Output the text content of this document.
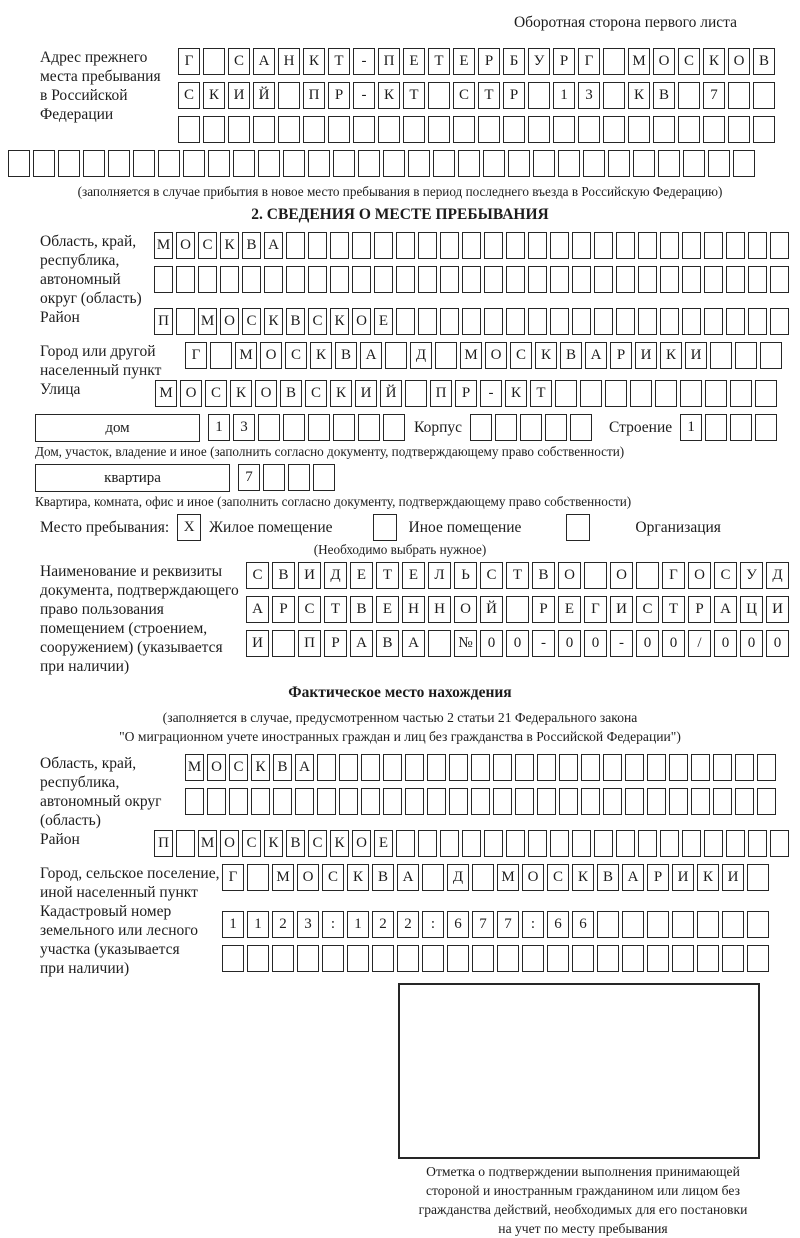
Оборотная сторона первого листа
Адрес прежнего
места пребывания
в Российской
Федерации
Г	С А Н К Т - П Е Т Е Р Б У Р Г	М О С К О В
С К И Й	П Р - К Т	С Т Р	1 3	К В	7
(заполняется в случае прибытия в новое место пребывания в период последнего въезда в Российскую Федерацию)
2. СВЕДЕНИЯ О МЕСТЕ ПРЕБЫВАНИЯ
Область, край,
республика,
автономный
округ (область)
М О С К В А
Район	П М О С К В С К О Е
Город или другой
населенный пункт
Г	М О С К В А	Д	М О С К В А Р И К И
Улица	М О С К О В С К И Й	П Р - К Т
дом	1 3	Корпус	Строение	1
Дом, участок, владение и иное (заполнить согласно документу, подтверждающему право собственности)
квартира	7
Квартира, комната, офис и иное (заполнить согласно документу, подтверждающему право собственности)
Место пребывания: X Жилое помещение	Иное помещение	Организация
(Необходимо выбрать нужное)
Наименование и реквизиты
документа, подтверждающего
право пользования
помещением (строением,
сооружением) (указывается
при наличии)
С В И Д Е Т Е Л Ь С Т В О	О	Г О С У Д
А Р С Т В Е Н Н О Й	Р Е Г И С Т Р А Ц И
И	П Р А В А	№ 0 0 - 0 0 - 0 0 / 0 0 0
Фактическое место нахождения
(заполняется в случае, предусмотренном частью 2 статьи 21 Федерального закона
"О миграционном учете иностранных граждан и лиц без гражданства в Российской Федерации")
Область, край,
республика,
автономный округ
(область)
М О С К В А
Район	П М О С К В С К О Е
Город, сельское поселение,
иной населенный пункт
Г	М О С К В А	Д	М О С К В А Р И К И
Кадастровый номер
земельного или лесного
участка (указывается
при наличии)
1 1 2 3 : 1 2 2 : 6 7 7 : 6 6
Отметка о подтверждении выполнения принимающей
стороной и иностранным гражданином или лицом без
гражданства действий, необходимых для его постановки
на учет по месту пребывания
